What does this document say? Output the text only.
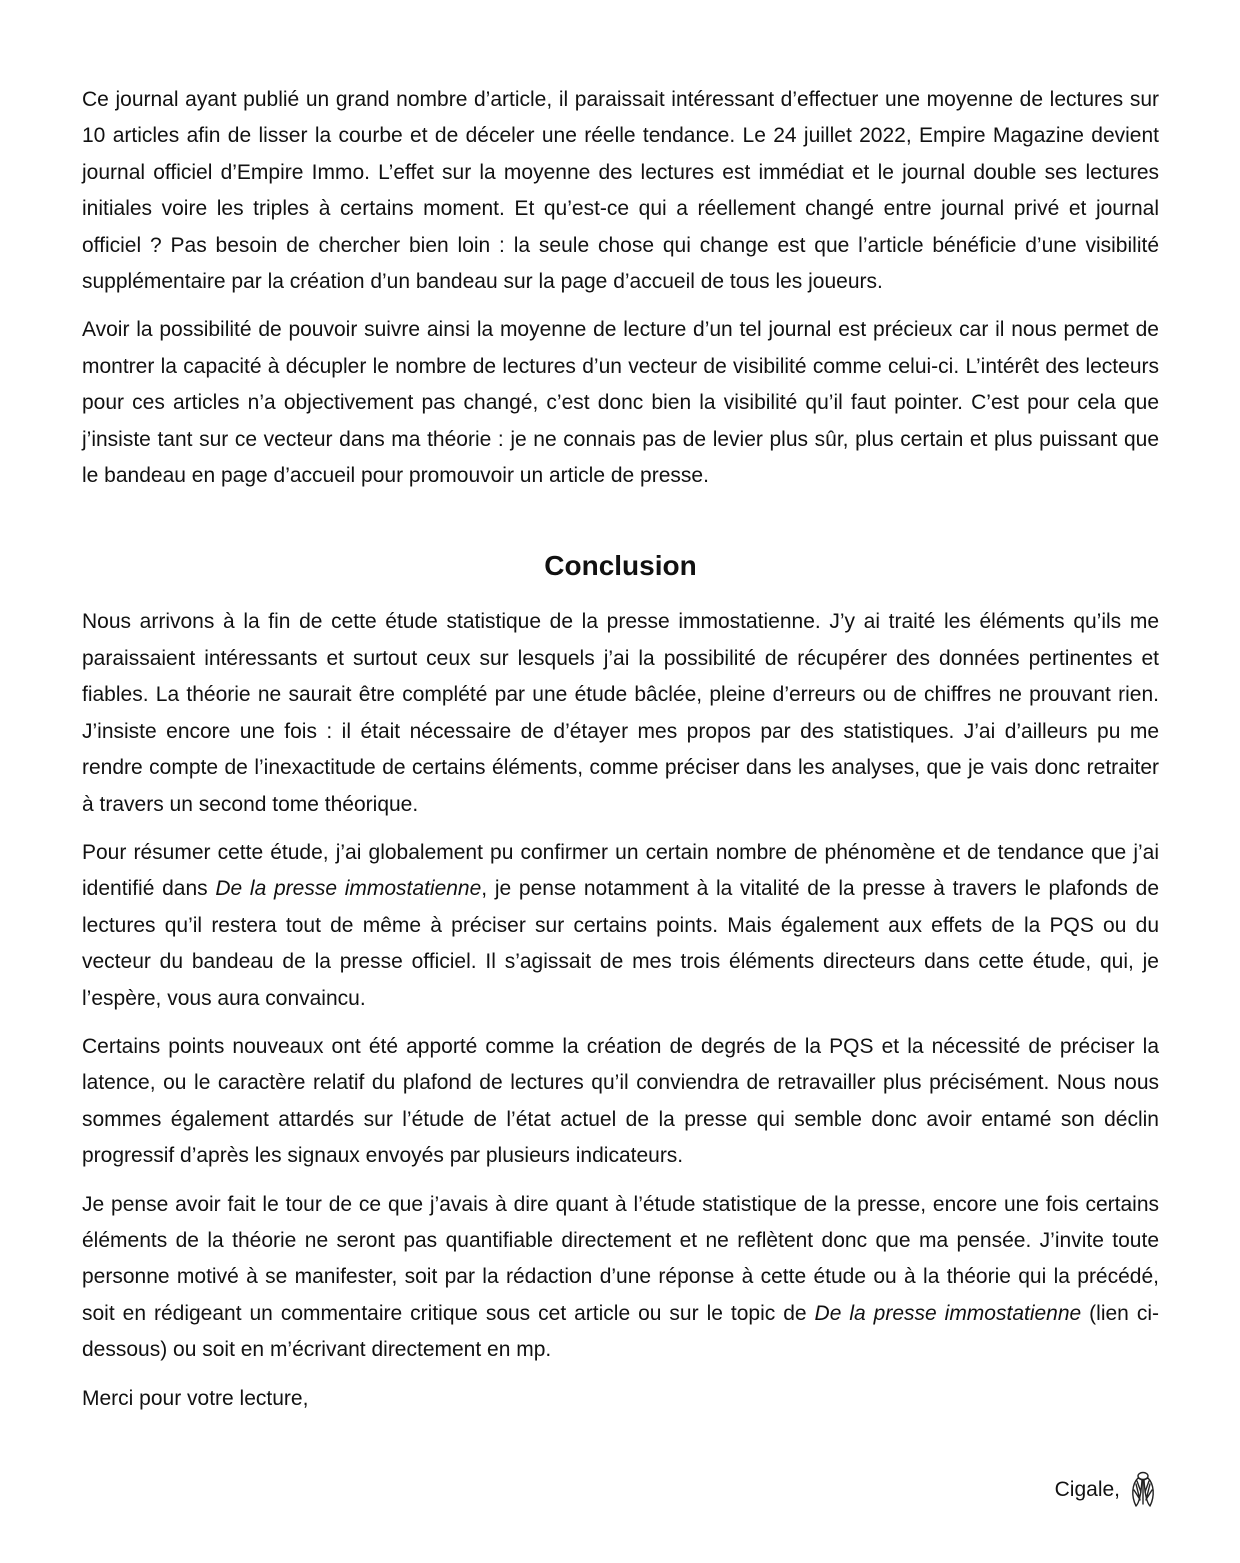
Ce journal ayant publié un grand nombre d’article, il paraissait intéressant d’effectuer une moyenne de lectures sur 10 articles afin de lisser la courbe et de déceler une réelle tendance. Le 24 juillet 2022, Empire Magazine devient journal officiel d’Empire Immo. L’effet sur la moyenne des lectures est immédiat et le journal double ses lectures initiales voire les triples à certains moment. Et qu’est-ce qui a réellement changé entre journal privé et journal officiel ? Pas besoin de chercher bien loin : la seule chose qui change est que l’article bénéficie d’une visibilité supplémentaire par la création d’un bandeau sur la page d’accueil de tous les joueurs.

Avoir la possibilité de pouvoir suivre ainsi la moyenne de lecture d’un tel journal est précieux car il nous permet de montrer la capacité à décupler le nombre de lectures d’un vecteur de visibilité comme celui-ci. L’intérêt des lecteurs pour ces articles n’a objectivement pas changé, c’est donc bien la visibilité qu’il faut pointer. C’est pour cela que j’insiste tant sur ce vecteur dans ma théorie : je ne connais pas de levier plus sûr, plus certain et plus puissant que le bandeau en page d’accueil pour promouvoir un article de presse.

Conclusion

Nous arrivons à la fin de cette étude statistique de la presse immostatienne. J’y ai traité les éléments qu’ils me paraissaient intéressants et surtout ceux sur lesquels j’ai la possibilité de récupérer des données pertinentes et fiables. La théorie ne saurait être complété par une étude bâclée, pleine d’erreurs ou de chiffres ne prouvant rien. J’insiste encore une fois : il était nécessaire de d’étayer mes propos par des statistiques. J’ai d’ailleurs pu me rendre compte de l’inexactitude de certains éléments, comme préciser dans les analyses, que je vais donc retraiter à travers un second tome théorique.

Pour résumer cette étude, j’ai globalement pu confirmer un certain nombre de phénomène et de tendance que j’ai identifié dans De la presse immostatienne, je pense notamment à la vitalité de la presse à travers le plafonds de lectures qu’il restera tout de même à préciser sur certains points. Mais également aux effets de la PQS ou du vecteur du bandeau de la presse officiel. Il s’agissait de mes trois éléments directeurs dans cette étude, qui, je l’espère, vous aura convaincu.

Certains points nouveaux ont été apporté comme la création de degrés de la PQS et la nécessité de préciser la latence, ou le caractère relatif du plafond de lectures qu’il conviendra de retravailler plus précisément. Nous nous sommes également attardés sur l’étude de l’état actuel de la presse qui semble donc avoir entamé son déclin progressif d’après les signaux envoyés par plusieurs indicateurs.

Je pense avoir fait le tour de ce que j’avais à dire quant à l’étude statistique de la presse, encore une fois certains éléments de la théorie ne seront pas quantifiable directement et ne reflètent donc que ma pensée. J’invite toute personne motivé à se manifester, soit par la rédaction d’une réponse à cette étude ou à la théorie qui la précédé, soit en rédigeant un commentaire critique sous cet article ou sur le topic de De la presse immostatienne (lien ci-dessous) ou soit en m’écrivant directement en mp.

Merci pour votre lecture,

Cigale,
